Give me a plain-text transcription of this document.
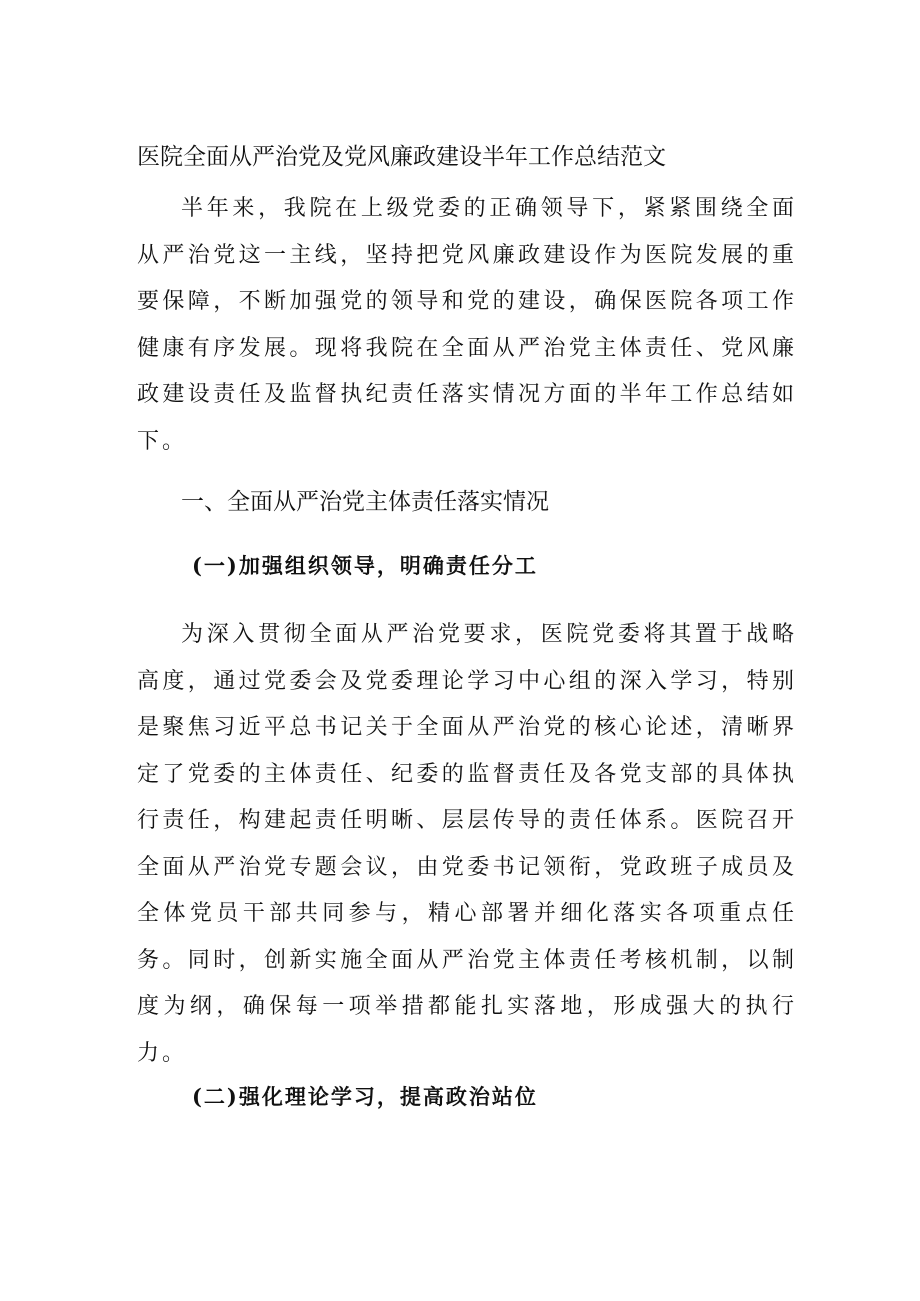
医院全面从严治党及党风廉政建设半年工作总结范文

半年来，我院在上级党委的正确领导下，紧紧围绕全面从严治党这一主线，坚持把党风廉政建设作为医院发展的重要保障，不断加强党的领导和党的建设，确保医院各项工作健康有序发展。现将我院在全面从严治党主体责任、党风廉政建设责任及监督执纪责任落实情况方面的半年工作总结如下。

一、全面从严治党主体责任落实情况
(一)加强组织领导，明确责任分工

为深入贯彻全面从严治党要求，医院党委将其置于战略高度，通过党委会及党委理论学习中心组的深入学习，特别是聚焦习近平总书记关于全面从严治党的核心论述，清晰界定了党委的主体责任、纪委的监督责任及各党支部的具体执行责任，构建起责任明晰、层层传导的责任体系。医院召开全面从严治党专题会议，由党委书记领衔，党政班子成员及全体党员干部共同参与，精心部署并细化落实各项重点任务。同时，创新实施全面从严治党主体责任考核机制，以制度为纲，确保每一项举措都能扎实落地，形成强大的执行力。

(二)强化理论学习，提高政治站位
